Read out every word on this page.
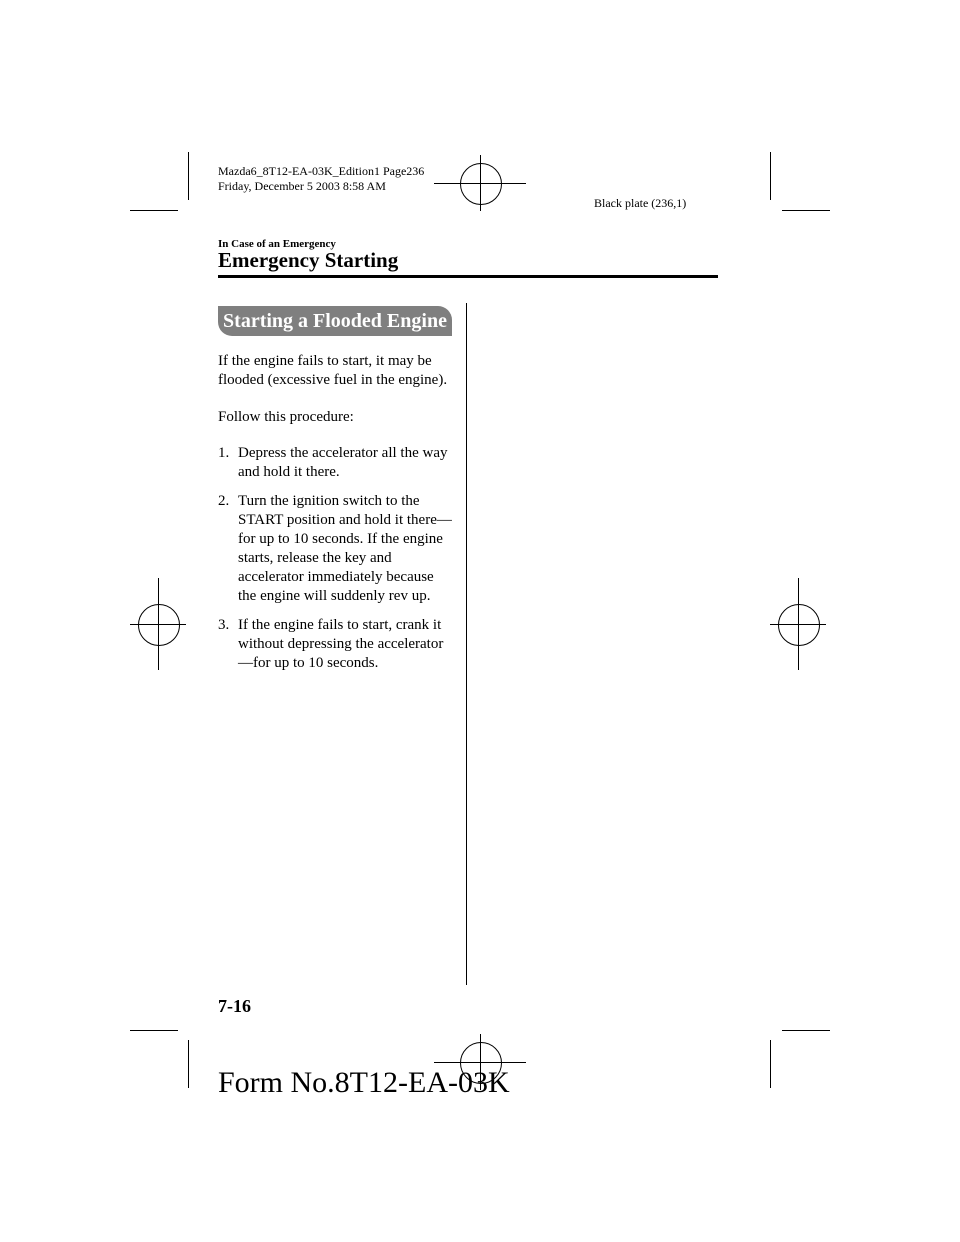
Mazda6_8T12-EA-03K_Edition1 Page236
Friday, December 5 2003 8:58 AM
Black plate (236,1)
In Case of an Emergency
Emergency Starting
Starting a Flooded Engine
If the engine fails to start, it may be flooded (excessive fuel in the engine).
Follow this procedure:
1. Depress the accelerator all the way and hold it there.
2. Turn the ignition switch to the START position and hold it there—for up to 10 seconds. If the engine starts, release the key and accelerator immediately because the engine will suddenly rev up.
3. If the engine fails to start, crank it without depressing the accelerator—for up to 10 seconds.
7-16
Form No.8T12-EA-03K
carmanualsonline.info
